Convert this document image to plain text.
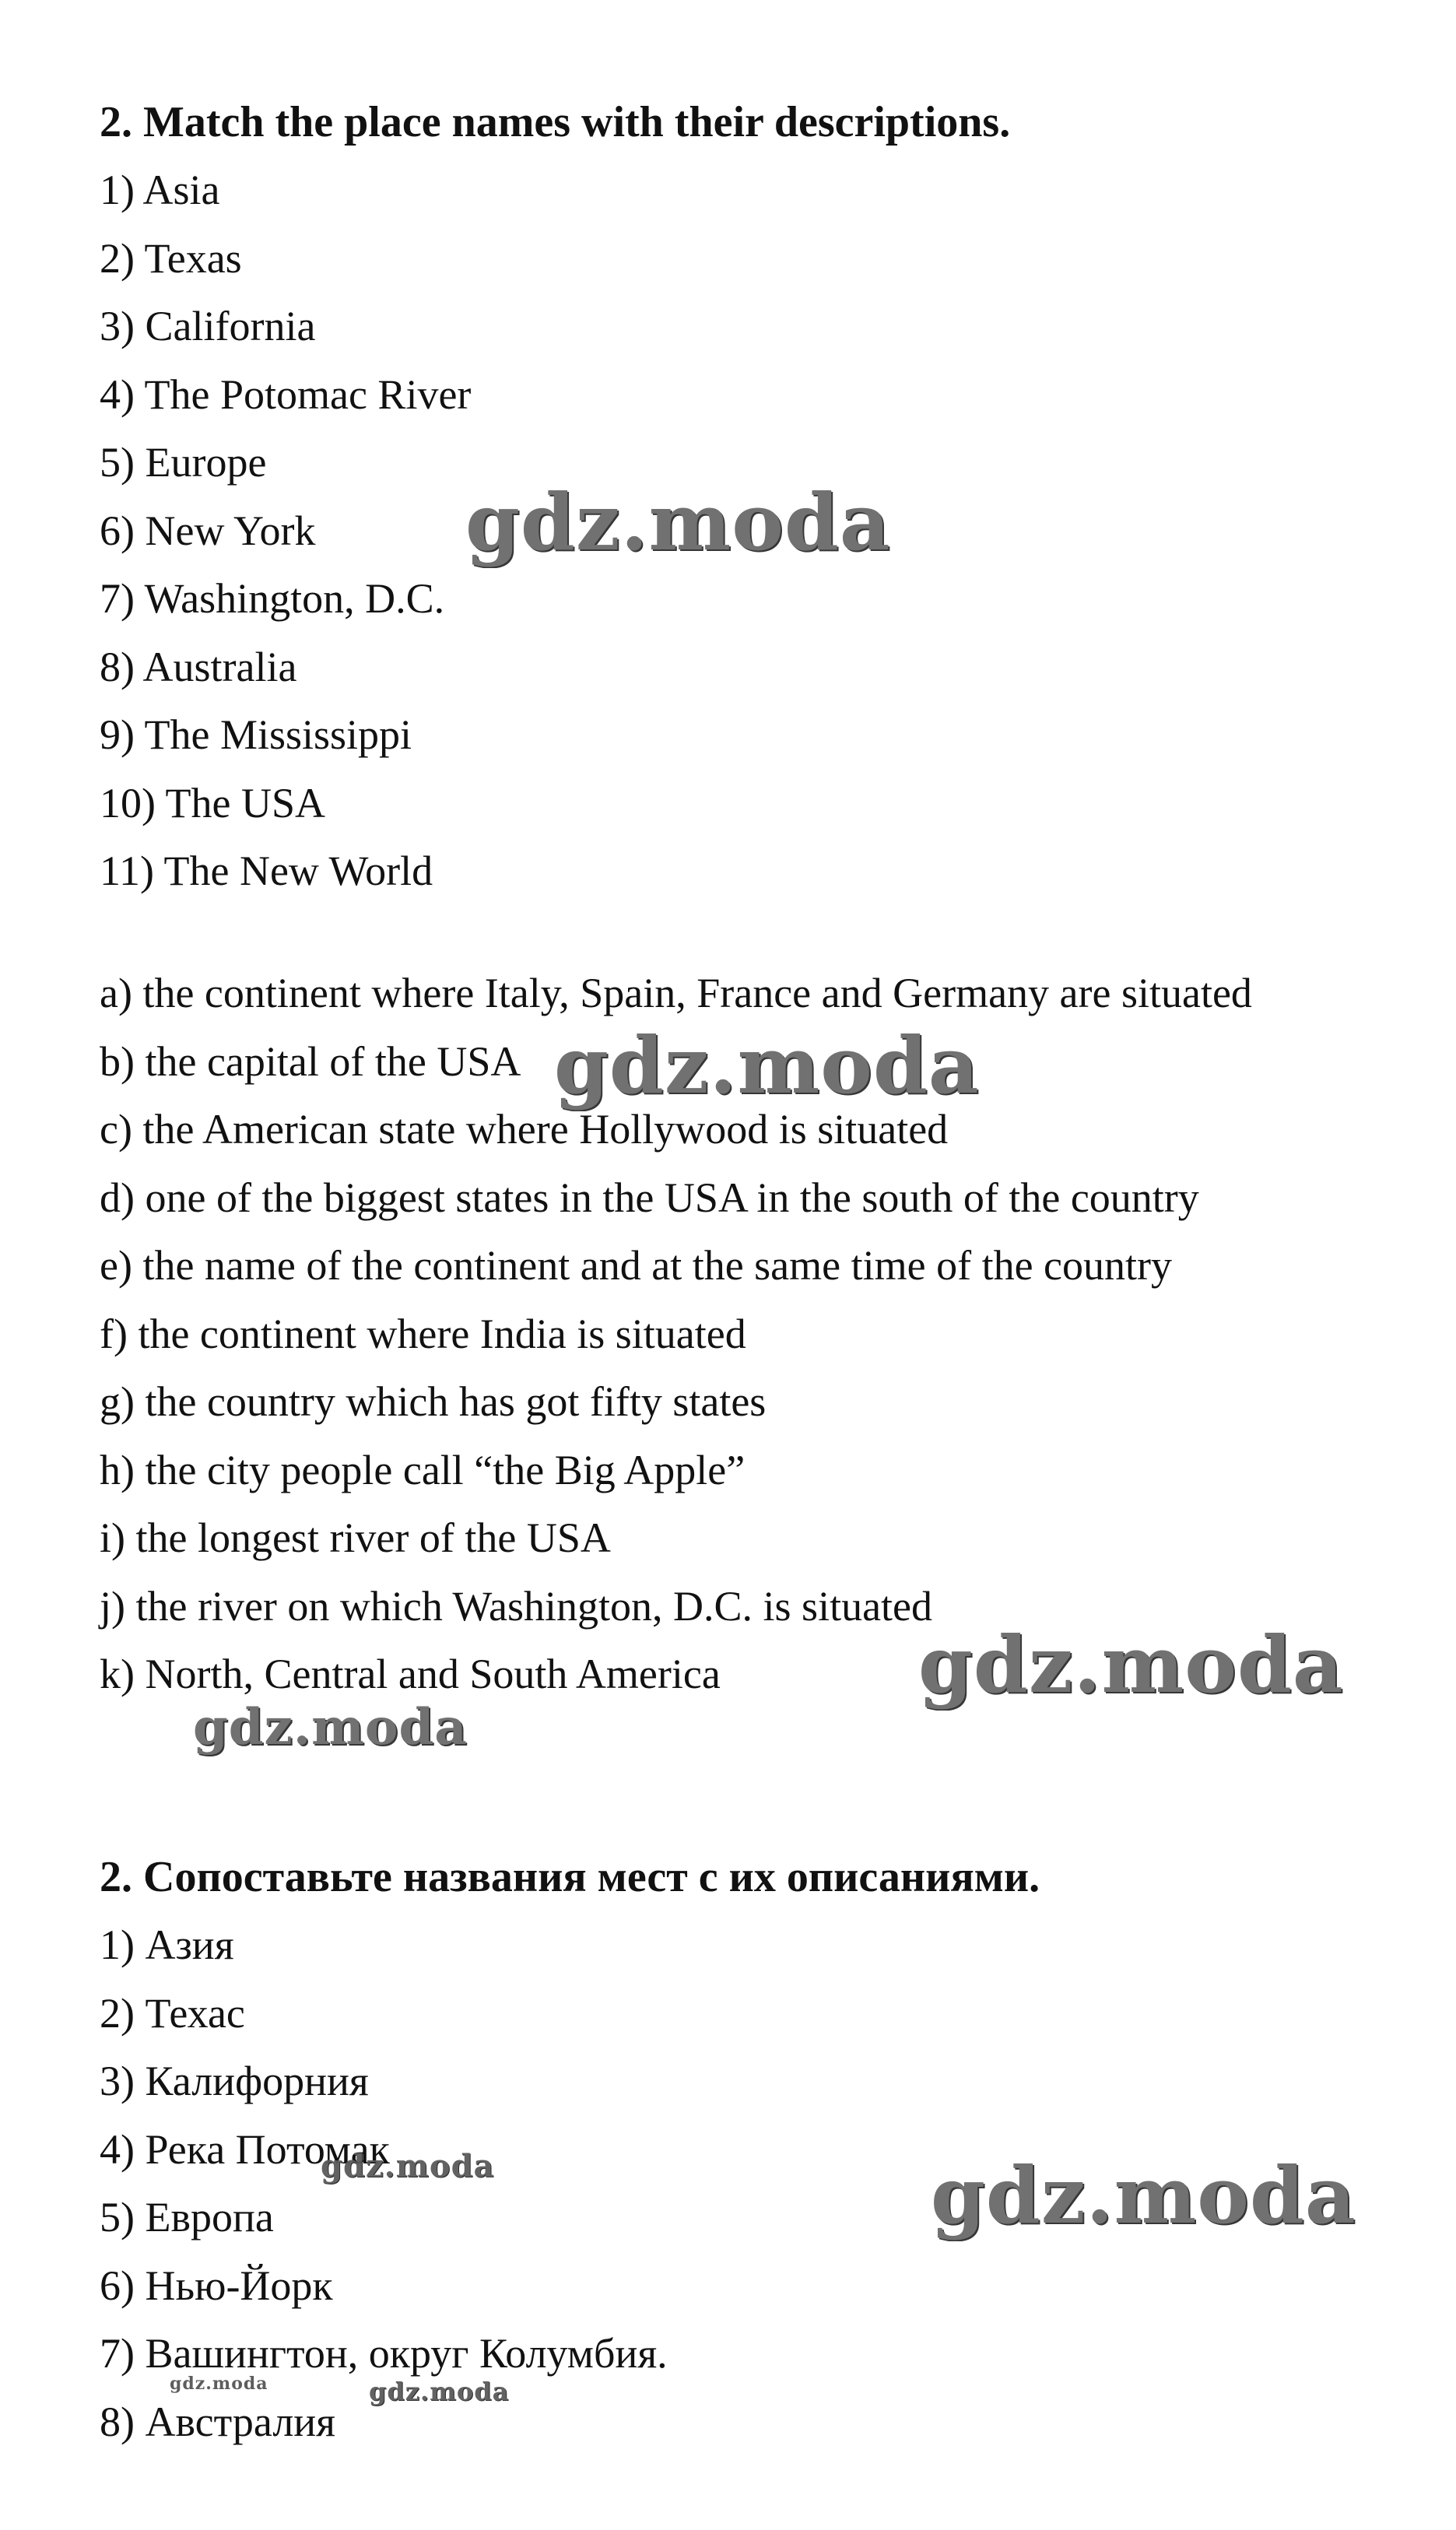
2. Match the place names with their descriptions.
1) Asia
2) Texas
3) California
4) The Potomac River
5) Europe
6) New York
7) Washington, D.C.
8) Australia
9) The Mississippi
10) The USA
11) The New World
a) the continent where Italy, Spain, France and Germany are situated
b) the capital of the USA
c) the American state where Hollywood is situated
d) one of the biggest states in the USA in the south of the country
e) the name of the continent and at the same time of the country
f) the continent where India is situated
g) the country which has got fifty states
h) the city people call “the Big Apple”
i) the longest river of the USA
j) the river on which Washington, D.C. is situated
k) North, Central and South America
2. Сопоставьте названия мест с их описаниями.
1) Азия
2) Техас
3) Калифорния
4) Река Потомак
5) Европа
6) Нью-Йорк
7) Вашингтон, округ Колумбия.
8) Австралия
gdz.moda
gdz.moda
gdz.moda
gdz.moda
gdz.moda	gdz.moda
gdz.moda	gdz.moda
